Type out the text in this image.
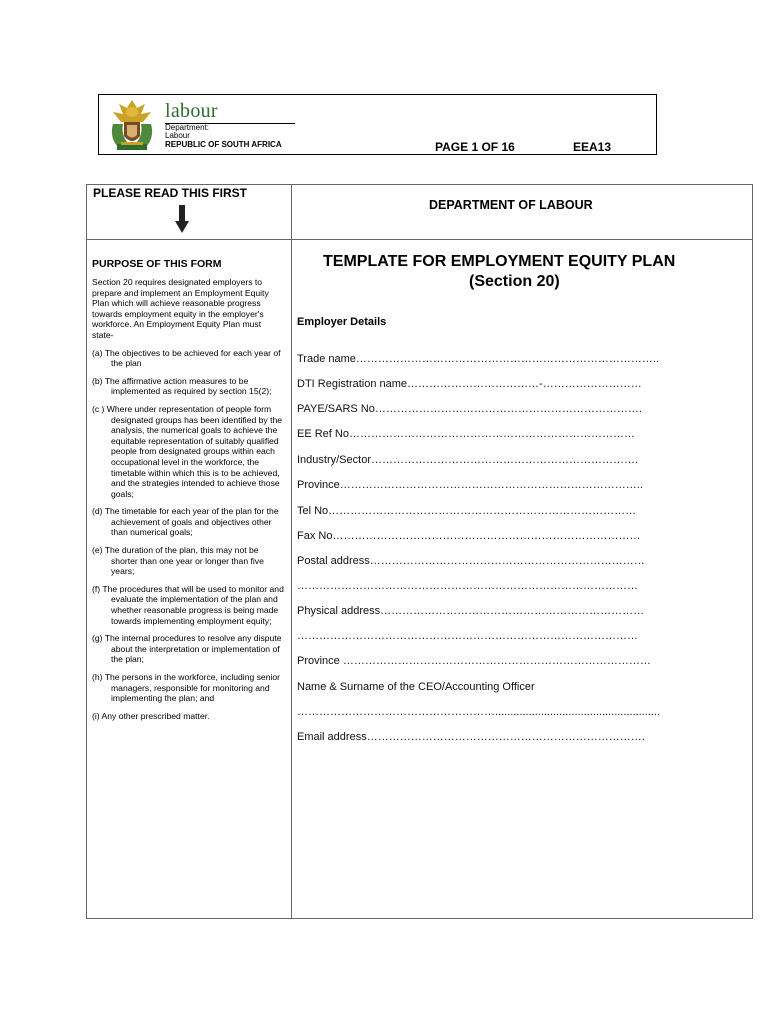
labour
Department:
Labour
REPUBLIC OF SOUTH AFRICA	PAGE 1 OF 16	EEA13
PLEASE READ THIS FIRST
DEPARTMENT OF LABOUR
PURPOSE OF THIS FORM

Section 20 requires designated employers to prepare and implement an Employment Equity Plan which will achieve reasonable progress towards employment equity in the employer's workforce. An Employment Equity Plan must state-

(a) The objectives to be achieved for each year of the plan

(b) The affirmative action measures to be implemented as required by section 15(2);

(c ) Where under representation of people form designated groups has been identified by the analysis, the numerical goals to achieve the equitable representation of suitably qualified people from designated groups within each occupational level in the workforce, the timetable within which this is to be achieved, and the strategies intended to achieve those goals;

(d) The timetable for each year of the plan for the achievement of goals and objectives other than numerical goals;

(e) The duration of the plan, this may not be shorter than one year or longer than five years;

(f) The procedures that will be used to monitor and evaluate the implementation of the plan and whether reasonable progress is being made towards implementing employment equity;

(g) The internal procedures to resolve any dispute about the interpretation or implementation of the plan;

(h) The persons in the workforce, including senior managers, responsible for monitoring and implementing the plan; and

(i) Any other prescribed matter.

TEMPLATE FOR EMPLOYMENT EQUITY PLAN
(Section 20)
Employer Details
Trade name………………………………………………………………………..
DTI Registration name………………………………-………………………
PAYE/SARS No……………………………………………………………….
EE Ref No……………………………………………………………………
Industry/Sector……………………………………………………………….
Province………………………………………………………………………..
Tel No…………………………………………………………………………
Fax No…………………………………………………………………………
Postal address…………………………………………………………………
…………………………………………………………………………………
Physical address………………………………………………………………
…………………………………………………………………………………
Province …………………………………………………………………………
Name & Surname of the CEO/Accounting Officer
………………………………………………......................................................
Email address………………………………………………………………….
